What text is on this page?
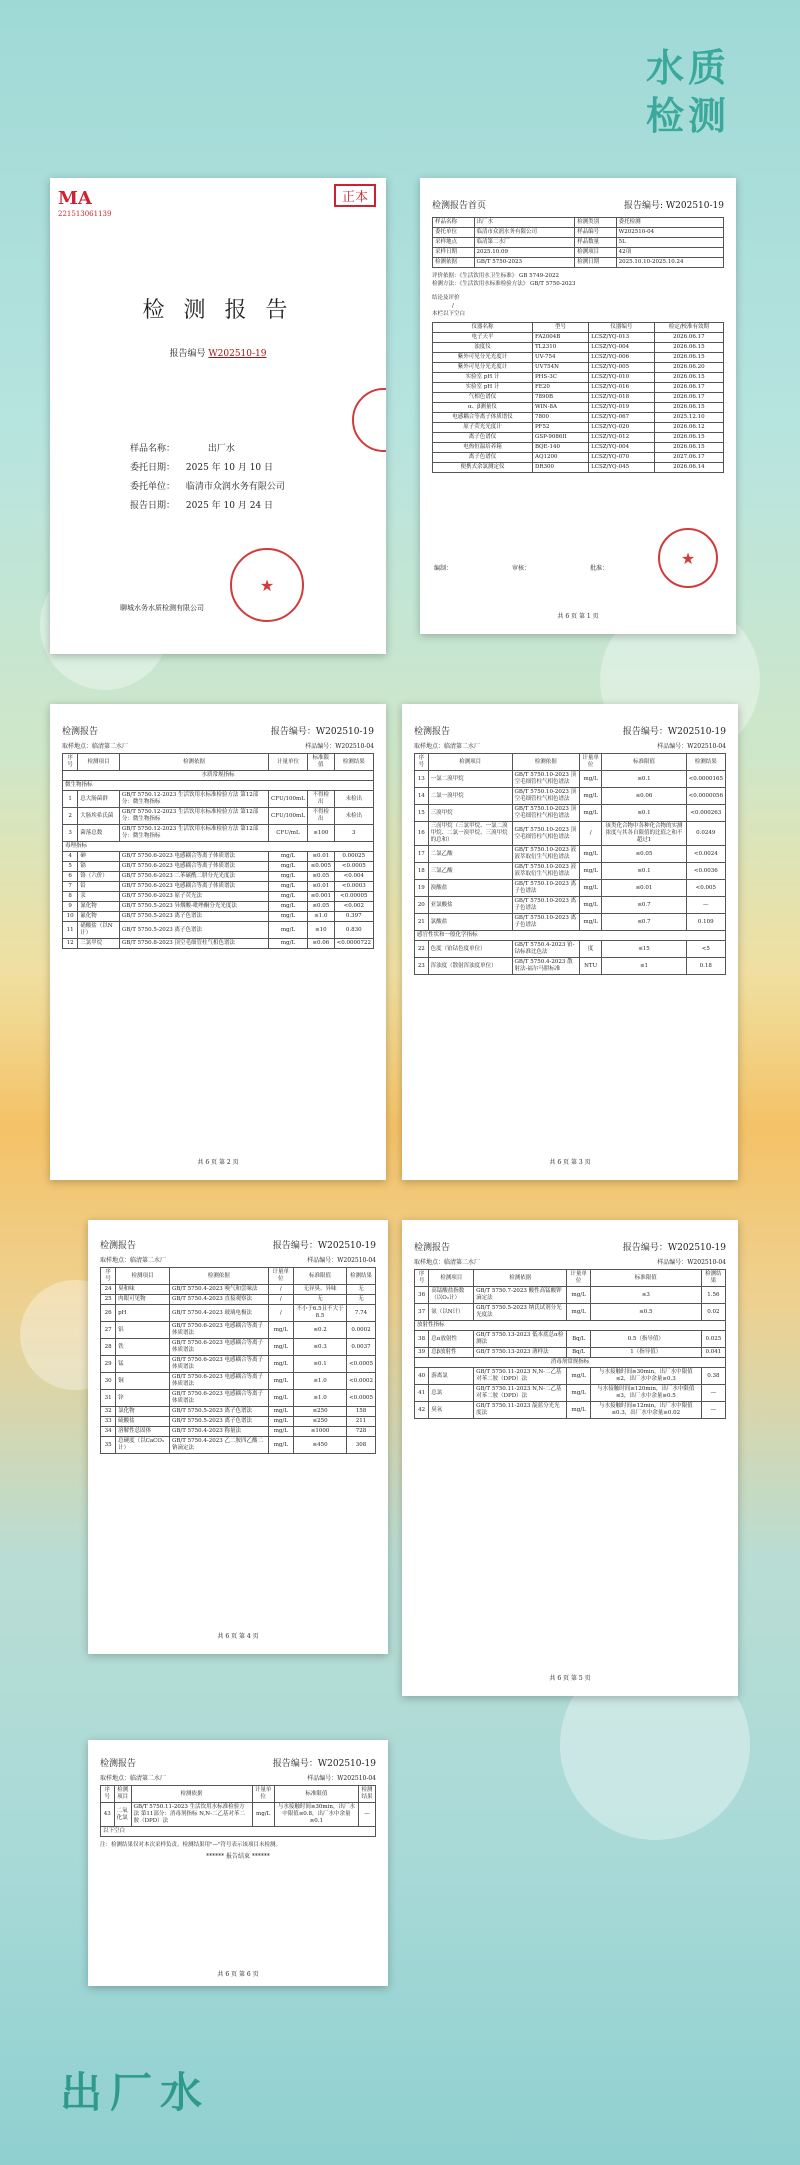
水质
检测
MA
221513061139
正本
检 测 报 告
报告编号 W202510-19
样品名称：	出厂水
委托日期： 2025 年 10 月 10 日
委托单位： 临清市众润水务有限公司
报告日期： 2025 年 10 月 24 日
★
聊城水务水质检测有限公司
检测报告首页	报告编号: W202510-19
样品名称	出厂水	检测类别	委托检测
委托单位	临清市众润水务有限公司	样品编号	W202510-04
采样地点	临清第二水厂	样品数量	5L
采样日期	2025.10.09	检测项目	42项
检测依据	GB/T 5750-2023	检测日期	2025.10.10-2025.10.24
评价依据：《生活饮用水卫生标准》 GB 5749-2022
检测方法：《生活饮用水标准检验方法》 GB/T 5750-2023
结论及评价
/
本栏以下空白
仪器名称	型号	仪器编号	检定/校准有效期
电子天平	FA2004B	LCSZ/YQ-013	2026.06.17
浊度仪	TL2310	LCSZ/YQ-004	2026.06.15
紫外可见分光光度计	UV-754	LCSZ/YQ-006	2026.06.15
紫外可见分光光度计	UV754N	LCSZ/YQ-005	2026.06.20
实验室 pH 计	PHS-3C	LCSZ/YQ-010	2026.06.15
实验室 pH 计	FE20	LCSZ/YQ-016	2026.06.17
气相色谱仪	7890B	LCSZ/YQ-018	2026.06.17
α、β测量仪	WIN-8A	LCSZ/YQ-019	2026.06.15
电感耦合等离子体质谱仪	7800	LCSZ/YQ-067	2025.12.10
原子荧光光度计	PF52	LCSZ/YQ-020	2026.06.12
离子色谱仪	GSP-9086II	LCSZ/YQ-012	2026.06.15
电热恒温培养箱	BQE-140	LCSZ/YQ-004	2026.06.15
离子色谱仪	AQ1200	LCSZ/YQ-070	2027.06.17
便携式余氯测定仪	DR300	LCSZ/YQ-045	2026.06.14
编制：	审核：	批准：
★
共 6 页 第 1 页
检测报告	报告编号：W202510-19
取样地点：临清第二水厂	样品编号：W202510-04
序号	检测项目	检测依据	计量单位	标准限值	检测结果
水质常规指标					
微生物指标					
1	总大肠菌群	GB/T 5750.12-2023 生活饮用水标准检验方法 第12部分：微生物指标	CFU/100mL	不得检出	未检出
2	大肠埃希氏菌	GB/T 5750.12-2023 生活饮用水标准检验方法 第12部分：微生物指标	CFU/100mL	不得检出	未检出
3	菌落总数	GB/T 5750.12-2023 生活饮用水标准检验方法 第12部分：微生物指标	CFU/mL	≤100	3
毒理指标					
4	砷	GB/T 5750.6-2023 电感耦合等离子体质谱法	mg/L	≤0.01	0.00025
5	镉	GB/T 5750.6-2023 电感耦合等离子体质谱法	mg/L	≤0.005	<0.0005
6	铬（六价）	GB/T 5750.6-2023 二苯碳酰二肼分光光度法	mg/L	≤0.05	<0.004
7	铅	GB/T 5750.6-2023 电感耦合等离子体质谱法	mg/L	≤0.01	<0.0003
8	汞	GB/T 5750.6-2023 原子荧光法	mg/L	≤0.001	<0.00005
9	氰化物	GB/T 5750.5-2023 异烟酸-吡唑酮分光光度法	mg/L	≤0.05	<0.002
10	氟化物	GB/T 5750.5-2023 离子色谱法	mg/L	≤1.0	0.397
11	硝酸盐（以N计）	GB/T 5750.5-2023 离子色谱法	mg/L	≤10	0.830
12	三氯甲烷	GB/T 5750.8-2023 顶空毛细管柱气相色谱法	mg/L	≤0.06	<0.0000722
共 6 页 第 2 页
检测报告	报告编号：W202510-19
取样地点：临清第二水厂	样品编号：W202510-04
序号	检测项目	检测依据	计量单位	标准限值	检测结果
13	一氯二溴甲烷	GB/T 5750.10-2023 顶空毛细管柱气相色谱法	mg/L	≤0.1	<0.0000165
14	二氯一溴甲烷	GB/T 5750.10-2023 顶空毛细管柱气相色谱法	mg/L	≤0.06	<0.0000056
15	三溴甲烷	GB/T 5750.10-2023 顶空毛细管柱气相色谱法	mg/L	≤0.1	<0.000263
16	三卤甲烷（三氯甲烷、一氯二溴甲烷、二氯一溴甲烷、三溴甲烷的总和）	GB/T 5750.10-2023 顶空毛细管柱气相色谱法	/	该类化合物中各种化合物的实测浓度与其各自限值的比值之和不超过1	0.0249
17	二氯乙酸	GB/T 5750.10-2023 液液萃取衍生气相色谱法	mg/L	≤0.05	<0.0024
18	三氯乙酸	GB/T 5750.10-2023 液液萃取衍生气相色谱法	mg/L	≤0.1	<0.0036
19	溴酸盐	GB/T 5750.10-2023 离子色谱法	mg/L	≤0.01	<0.005
20	亚氯酸盐	GB/T 5750.10-2023 离子色谱法	mg/L	≤0.7	—
21	氯酸盐	GB/T 5750.10-2023 离子色谱法	mg/L	≤0.7	0.109
感官性状和一般化学指标					
22	色度（铂钴色度单位）	GB/T 5750.4-2023 铂-钴标准比色法	度	≤15	<5
23	浑浊度（散射浑浊度单位）	GB/T 5750.4-2023 散射法-福尔马肼标准	NTU	≤1	0.18
共 6 页 第 3 页
检测报告	报告编号：W202510-19
取样地点：临清第二水厂	样品编号：W202510-04
序号	检测项目	检测依据	计量单位	标准限值	检测结果
24	臭和味	GB/T 5750.4-2023 嗅气和尝味法	/	无异臭、异味	无
25	肉眼可见物	GB/T 5750.4-2023 直接观察法	/	无	无
26	pH	GB/T 5750.4-2023 玻璃电极法	/	不小于6.5且不大于8.5	7.74
27	铝	GB/T 5750.6-2023 电感耦合等离子体质谱法	mg/L	≤0.2	0.0002
28	铁	GB/T 5750.6-2023 电感耦合等离子体质谱法	mg/L	≤0.3	0.0037
29	锰	GB/T 5750.6-2023 电感耦合等离子体质谱法	mg/L	≤0.1	<0.0005
30	铜	GB/T 5750.6-2023 电感耦合等离子体质谱法	mg/L	≤1.0	<0.0002
31	锌	GB/T 5750.6-2023 电感耦合等离子体质谱法	mg/L	≤1.0	<0.0005
32	氯化物	GB/T 5750.5-2023 离子色谱法	mg/L	≤250	158
33	硫酸盐	GB/T 5750.5-2023 离子色谱法	mg/L	≤250	211
34	溶解性总固体	GB/T 5750.4-2023 称量法	mg/L	≤1000	728
35	总硬度（以CaCO₃计）	GB/T 5750.4-2023 乙二胺四乙酸二钠滴定法	mg/L	≤450	308
共 6 页 第 4 页
检测报告	报告编号：W202510-19
取样地点：临清第二水厂	样品编号：W202510-04
序号	检测项目	检测依据	计量单位	标准限值	检测结果
36	高锰酸盐指数（以O₂计）	GB/T 5750.7-2023 酸性高锰酸钾滴定法	mg/L	≤3	1.56
37	氨（以N计）	GB/T 5750.5-2023 纳氏试剂分光光度法	mg/L	≤0.5	0.02
放射性指标					
38	总α放射性	GB/T 5750.13-2023 低本底总α检测法	Bq/L	0.5（指导值）	0.025
39	总β放射性	GB/T 5750.13-2023 薄样法	Bq/L	1（指导值）	0.041
消毒剂常规指标					
40	游离氯	GB/T 5750.11-2023 N,N-二乙基对苯二胺（DPD）法	mg/L	与水接触时间≥30min，出厂水中限值≤2，出厂水中余量≥0.3	0.38
41	总氯	GB/T 5750.11-2023 N,N-二乙基对苯二胺（DPD）法	mg/L	与水接触时间≥120min，出厂水中限值≤3，出厂水中余量≥0.5	—
42	臭氧	GB/T 5750.11-2023 靛蓝分光光度法	mg/L	与水接触时间≥12min，出厂水中限值≤0.3，出厂水中余量≥0.02	—
共 6 页 第 5 页
检测报告	报告编号：W202510-19
取样地点：临清第二水厂	样品编号：W202510-04
序号	检测项目	检测依据	计量单位	标准限值	检测结果
43	二氧化氯	GB/T 5750.11-2023 生活饮用水标准检验方法 第11部分：消毒剂指标 N,N-二乙基对苯二胺（DPD）法	mg/L	与水接触时间≥30min，出厂水中限值≤0.8，出厂水中余量≥0.1	—
以下空白					
注：检测结果仅对本次采样负责。检测结果用"—"符号表示该项目未检测。
****** 报告结束 ******
共 6 页 第 6 页
出厂水
